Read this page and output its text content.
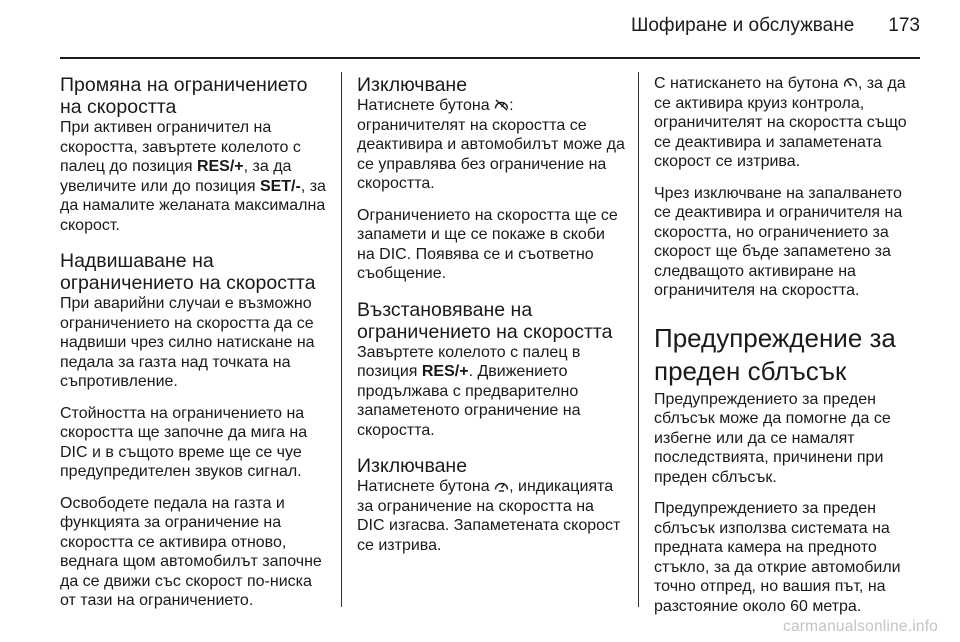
Шофиране и обслужване 173
Промяна на ограничението на скоростта

При активен ограничител на скоростта, завъртете колелото с палец до позиция RES/+, за да увеличите или до позиция SET/-, за да намалите желаната максимална скорост.

Надвишаване на ограничението на скоростта

При аварийни случаи е възможно ограничението на скоростта да се надвиши чрез силно натискане на педала за газта над точката на съпротивление.

Стойността на ограничението на скоростта ще започне да мига на DIC и в същото време ще се чуе предупредителен звуков сигнал.

Освободете педала на газта и функцията за ограничение на скоростта се активира отново, веднага щом автомобилът започне да се движи със скорост по-ниска от тази на ограничението.

Изключване

Натиснете бутона
:
ограничителят на скоростта се деактивира и автомобилът може да се управлява без ограничение на скоростта.

Ограничението на скоростта ще се запамети и ще се покаже в скоби на DIC. Появява се и съответно съобщение.

Възстановяване на ограничението на скоростта

Завъртете колелото с палец в позиция RES/+. Движението продължава с предварително запаметеното ограничение на скоростта.

Изключване

Натиснете бутона
, индикацията за ограничение на скоростта на DIC изгасва. Запаметената скорост се изтрива.

С натискането на бутона
, за да се активира круиз контрола, ограничителят на скоростта също се деактивира и запаметената скорост се изтрива.

Чрез изключване на запалването се деактивира и ограничителя на скоростта, но ограничението за скорост ще бъде запаметено за следващото активиране на ограничителя на скоростта.

Предупреждение за преден сблъсък

Предупреждението за преден сблъсък може да помогне да се избегне или да се намалят последствията, причинени при преден сблъсък.

Предупреждението за преден сблъсък използва системата на предната камера на предното стъкло, за да открие автомобили точно отпред, но вашия път, на разстояние около 60 метра.

carmanualsonline.info
